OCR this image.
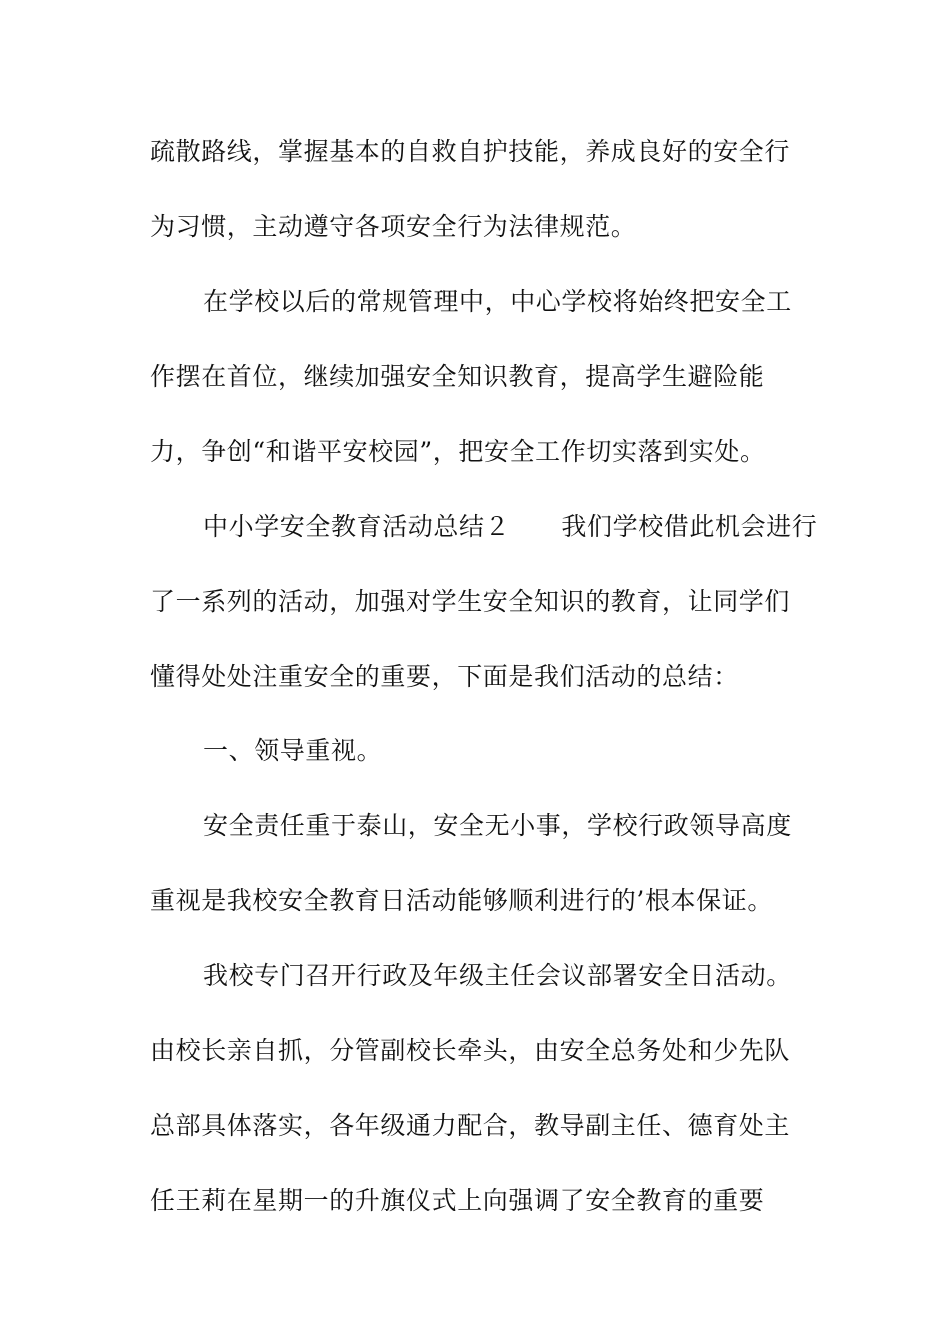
疏散路线，掌握基本的自救自护技能，养成良好的安全行
为习惯，主动遵守各项安全行为法律规范。
在学校以后的常规管理中，中心学校将始终把安全工
作摆在首位，继续加强安全知识教育，提高学生避险能
力，争创“和谐平安校园”，把安全工作切实落到实处。
中小学安全教育活动总结２　　我们学校借此机会进行
了一系列的活动，加强对学生安全知识的教育，让同学们
懂得处处注重安全的重要，下面是我们活动的总结：
一、领导重视。
安全责任重于泰山，安全无小事，学校行政领导高度
重视是我校安全教育日活动能够顺利进行的’根本保证。
我校专门召开行政及年级主任会议部署安全日活动。
由校长亲自抓，分管副校长牵头，由安全总务处和少先队
总部具体落实，各年级通力配合，教导副主任、德育处主
任王莉在星期一的升旗仪式上向强调了安全教育的重要
